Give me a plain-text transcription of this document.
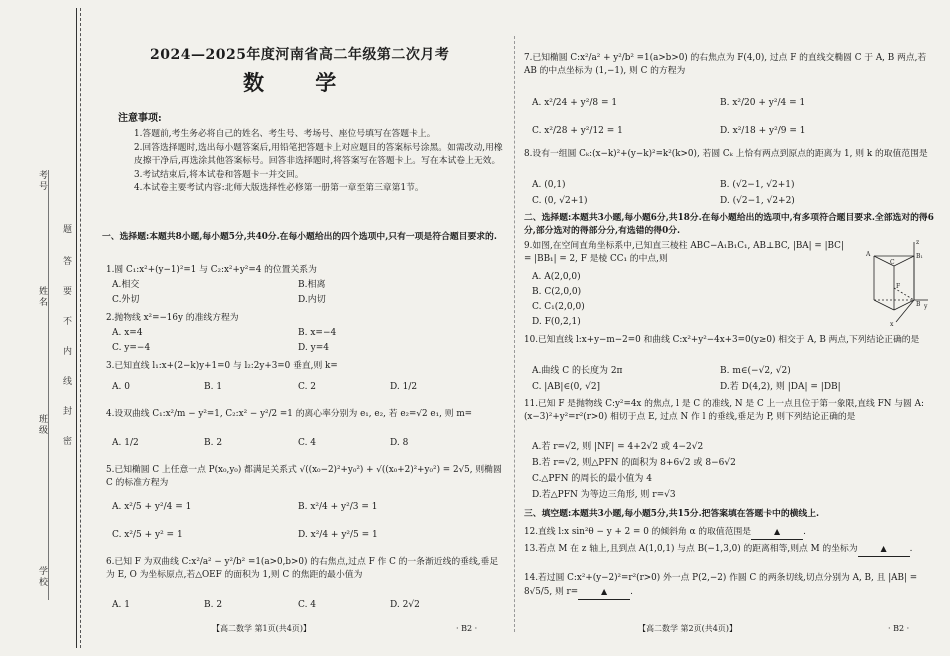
考号
姓名
班级
学校
题
答
要
不
内
线
封
密
2024—2025年度河南省高二年级第二次月考
数 学
注意事项:

1.答题前,考生务必将自己的姓名、考生号、考场号、座位号填写在答题卡上。

2.回答选择题时,选出每小题答案后,用铅笔把答题卡上对应题目的答案标号涂黑。如需改动,用橡皮擦干净后,再选涂其他答案标号。回答非选择题时,将答案写在答题卡上。写在本试卷上无效。

3.考试结束后,将本试卷和答题卡一并交回。

4.本试卷主要考试内容:北师大版选择性必修第一册第一章至第三章第1节。

一、选择题:本题共8小题,每小题5分,共40分.在每小题给出的四个选项中,只有一项是符合题目要求的.
1.圆 C₁:x²+(y−1)²=1 与 C₂:x²+y²=4 的位置关系为
A.相交	B.相离
C.外切	D.内切
2.抛物线 x²=−16y 的准线方程为
A. x=4	B. x=−4
C. y=−4	D. y=4
3.已知直线 l₁:x+(2−k)y+1=0 与 l₂:2y+3=0 垂直,则 k=
A. 0	B. 1	C. 2	D. 1/2
4.设双曲线 C₁:x²/m − y²=1, C₂:x² − y²/2 =1 的离心率分别为 e₁, e₂, 若 e₂=√2 e₁, 则 m=
A. 1/2	B. 2	C. 4	D. 8
5.已知椭圆 C 上任意一点 P(x₀,y₀) 都满足关系式 √((x₀−2)²+y₀²) + √((x₀+2)²+y₀²) = 2√5, 则椭圆 C 的标准方程为
A. x²/5 + y²/4 = 1	B. x²/4 + y²/3 = 1
C. x²/5 + y² = 1	D. x²/4 + y²/5 = 1
6.已知 F 为双曲线 C:x²/a² − y²/b² =1(a>0,b>0) 的右焦点,过点 F 作 C 的一条渐近线的垂线,垂足为 E, O 为坐标原点,若△OEF 的面积为 1,则 C 的焦距的最小值为
A. 1	B. 2	C. 4	D. 2√2
【高二数学 第1页(共4页)】	· B2 ·
7.已知椭圆 C:x²/a² + y²/b² =1(a>b>0) 的右焦点为 F(4,0), 过点 F 的直线交椭圆 C 于 A, B 两点,若 AB 的中点坐标为 (1,−1), 则 C 的方程为
A. x²/24 + y²/8 = 1	B. x²/20 + y²/4 = 1
C. x²/28 + y²/12 = 1	D. x²/18 + y²/9 = 1
8.设有一组圆 Cₖ:(x−k)²+(y−k)²=k²(k>0), 若圆 Cₖ 上恰有两点到原点的距离为 1, 则 k 的取值范围是
A. (0,1)	B. (√2−1, √2+1)
C. (0, √2+1)	D. (√2−1, √2+2)
二、选择题:本题共3小题,每小题6分,共18分.在每小题给出的选项中,有多项符合题目要求.全部选对的得6分,部分选对的得部分分,有选错的得0分.
9.如图,在空间直角坐标系中,已知直三棱柱 ABC−A₁B₁C₁, AB⊥BC, |BA| = |BC| = |BB₁| = 2, F 是棱 CC₁ 的中点,则
A. A(2,0,0)
B. C(2,0,0)
C. C₁(2,0,0)
D. F(0,2,1)
A	B₁
C
F
B
x
y
z
10.已知直线 l:x+y−m−2=0 和曲线 C:x²+y²−4x+3=0(y≥0) 相交于 A, B 两点,下列结论正确的是
A.曲线 C 的长度为 2π	B. m∈(−√2, √2)
C. |AB|∈(0, √2]	D.若 D(4,2), 则 |DA| = |DB|
11.已知 F 是抛物线 C:y²=4x 的焦点, l 是 C 的准线, N 是 C 上一点且位于第一象限,直线 FN 与圆 A:(x−3)²+y²=r²(r>0) 相切于点 E, 过点 N 作 l 的垂线,垂足为 P, 则下列结论正确的是
A.若 r=√2, 则 |NF| = 4+2√2 或 4−2√2
B.若 r=√2, 则△PFN 的面积为 8+6√2 或 8−6√2
C.△PFN 的周长的最小值为 4
D.若△PFN 为等边三角形, 则 r=√3
三、填空题:本题共3小题,每小题5分,共15分.把答案填在答题卡中的横线上.
12.直线 l:x sin²θ − y + 2 = 0 的倾斜角 α 的取值范围是	▲	.
13.若点 M 在 z 轴上,且到点 A(1,0,1) 与点 B(−1,3,0) 的距离相等,则点 M 的坐标为	▲	.
14.若过圆 C:x²+(y−2)²=r²(r>0) 外一点 P(2,−2) 作圆 C 的两条切线,切点分别为 A, B, 且 |AB| = 8√5/5, 则 r=	▲	.
【高二数学 第2页(共4页)】	· B2 ·
